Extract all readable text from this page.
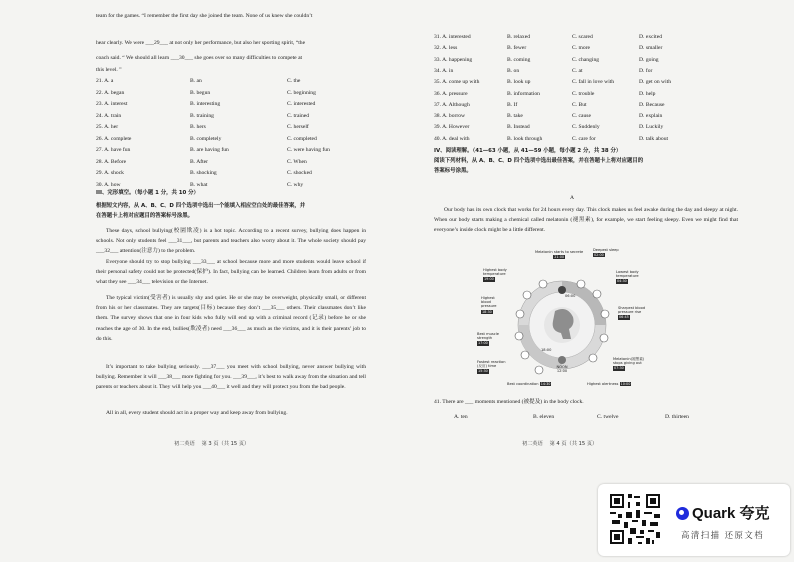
team for the games. “I remember the first day she joined the team. None of us knew she couldn’t
hear clearly. We were ___29___ at not only her performance, but also her sporting spirit, “the
coach said. “ We should all learn ___30___ she goes over so many difficulties to compete at
this level. ”
21. A. a	B. an	C. the
22. A. began	B. begun	C. beginning
23. A. interest	B. interesting	C. interested
24. A. train	B. training	C. trained
25. A. her	B. hers	C. herself
26. A. complete	B. completely	C. completed
27. A. have fun	B. are having fun	C. were having fun
28. A. Before	B. After	C. When
29. A. shock	B. shocking	C. shocked
30. A. how	B. what	C. why
III、完形填空。（每小题 1 分，共 10 分）
根据短文内容，从 A、B、C、D 四个选项中选出一个能填入相应空白处的最佳答案，并
在答题卡上将对应题目的答案标号涂黑。
These days, school bullying(校園欺凌) is a hot topic. According to a recent survey, bullying does happen in schools. Not only students feel ___31___, but parents and teachers also worry about it. The whole society should pay ___32___ attention(注意力) to the problem.
Everyone should try to stop bullying ___33___ at school because more and more students would leave school if their personal safety could not be protected(保护). In fact, bullying can be learned. Children learn from adults or from what they see ___34___ television or the Internet.
The typical victim(受害者) is usually shy and quiet. He or she may be overweight, physically small, or different from his or her classmates. They are targets(目标) because they don’t ___35___ others. Their classmates don’t like them. The survey shows that one in four kids who fully will end up with a criminal record (记录) before he or she reaches the age of 30. In the end, bullies(欺凌者) need ___36___ as much as the victims, and it is their parents’ job to do this.
It’s important to take bullying seriously. ___37___ you meet with school bullying, never answer bullying with bullying. Remember it will ___38___ more fighting for you. ___39___, it’s best to walk away from the situation and tell parents or teachers about it. They will help you ___40___ it well and they will protect you from the bad people.
All in all, every student should act in a proper way and keep away from bullying.
初二英语 　第 3 页（共 15 页）
31. A. interested	B. relaxed	C. scared	D. excited
32. A. less	B. fewer	C. more	D. smaller
33. A. happening	B. coming	C. changing	D. going
34. A. in	B. on	C. at	D. for
35. A. come up with	B. look up	C. fall in love with	D. get on with
36. A. pressure	B. information	C. trouble	D. help
37. A. Although	B. If	C. But	D. Because
38. A. borrow	B. take	C. cause	D. explain
39. A. However	B. Instead	C. Suddenly	D. Luckily
40. A. deal with	B. look through	C. care for	D. talk about
IV、阅读理解。（41—63 小题，从 41—59 小题，每小题 2 分，共 38 分）
阅读下列材料，从 A、B、C、D 四个选项中选出最佳答案，并在答题卡上将对应题目的
答案标号涂黑。
A
Our body has its own clock that works for 24 hours every day. This clock makes us feel awake during the day and sleepy at night. When our body starts making a chemical called melatonin (褪黑素), for example, we start feeling sleepy. Even we might find that everyone’s inside clock might be a little different.
41. There are ___ moments mentioned (被提及) in the body clock.
A. ten	B. eleven	C. twelve	D. thirteen
初二英语 　第 4 页（共 15 页）
Melatonin starts to secrete
21:00
Deepest sleep
02:00
Lowest body temperature
04:30
Sharpest blood pressure rise
06:45
Melatonin(褪黑素) stops giving out
07:30
Highest alertness 10:00
Best coordination 14:30
Fastest reaction (反应) time
15:30
Best muscle strength
17:00
Highest blood pressure
18:30
Highest body temperature
19:00
06:00
18:00
NOON 12:00
Quark 夸克
高清扫描 还原文档
